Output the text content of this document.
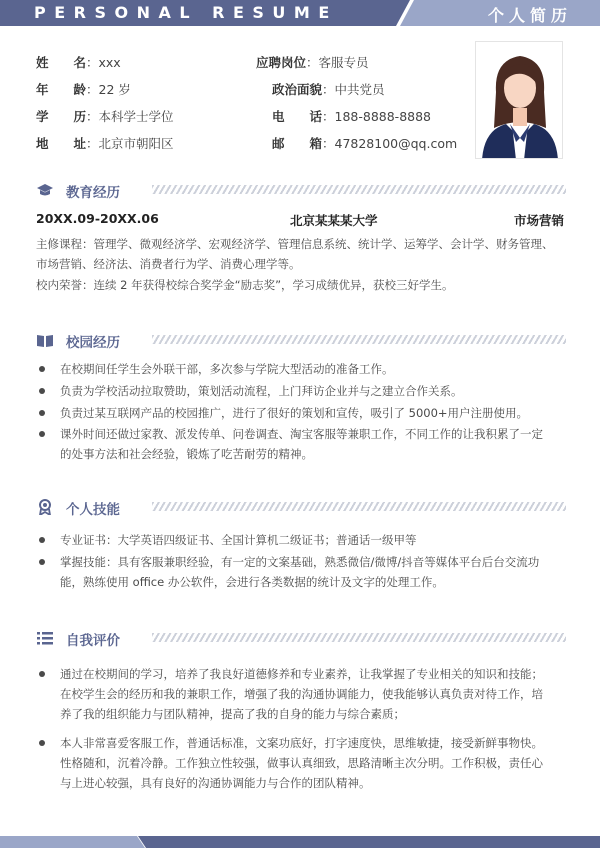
PERSONAL RESUME	个人简历
姓 名 ：xxx	应聘岗位：客服专员
年 龄 ：22 岁	政治面貌：中共党员
学 历 ：本科学士学位	电 话 ：188-8888-8888
地 址 ：北京市朝阳区	邮 箱 ：47828100@qq.com
教育经历
20XX.09-20XX.06	北京某某某大学	市场营销
主修课程：管理学、微观经济学、宏观经济学、管理信息系统、统计学、运筹学、会计学、财务管理、
市场营销、经济法、消费者行为学、消费心理学等。
校内荣誉：连续 2 年获得校综合奖学金“励志奖”，学习成绩优异，获校三好学生。
校园经历
在校期间任学生会外联干部，多次参与学院大型活动的准备工作。
负责为学校活动拉取赞助，策划活动流程，上门拜访企业并与之建立合作关系。
负责过某互联网产品的校园推广，进行了很好的策划和宣传，吸引了 5000+用户注册使用。
课外时间还做过家教、派发传单、问卷调查、淘宝客服等兼职工作，不同工作的让我积累了一定
的处事方法和社会经验，锻炼了吃苦耐劳的精神。
个人技能
专业证书：大学英语四级证书、全国计算机二级证书；普通话一级甲等
掌握技能：具有客服兼职经验，有一定的文案基础，熟悉微信/微博/抖音等媒体平台后台交流功
能，熟练使用 office 办公软件，会进行各类数据的统计及文字的处理工作。
自我评价
通过在校期间的学习，培养了我良好道德修养和专业素养，让我掌握了专业相关的知识和技能；
在校学生会的经历和我的兼职工作，增强了我的沟通协调能力，使我能够认真负责对待工作，培
养了我的组织能力与团队精神，提高了我的自身的能力与综合素质；
本人非常喜爱客服工作，普通话标准，文案功底好，打字速度快，思维敏捷，接受新鲜事物快。
性格随和，沉着冷静。工作独立性较强，做事认真细致，思路清晰主次分明。工作积极，责任心
与上进心较强，具有良好的沟通协调能力与合作的团队精神。
